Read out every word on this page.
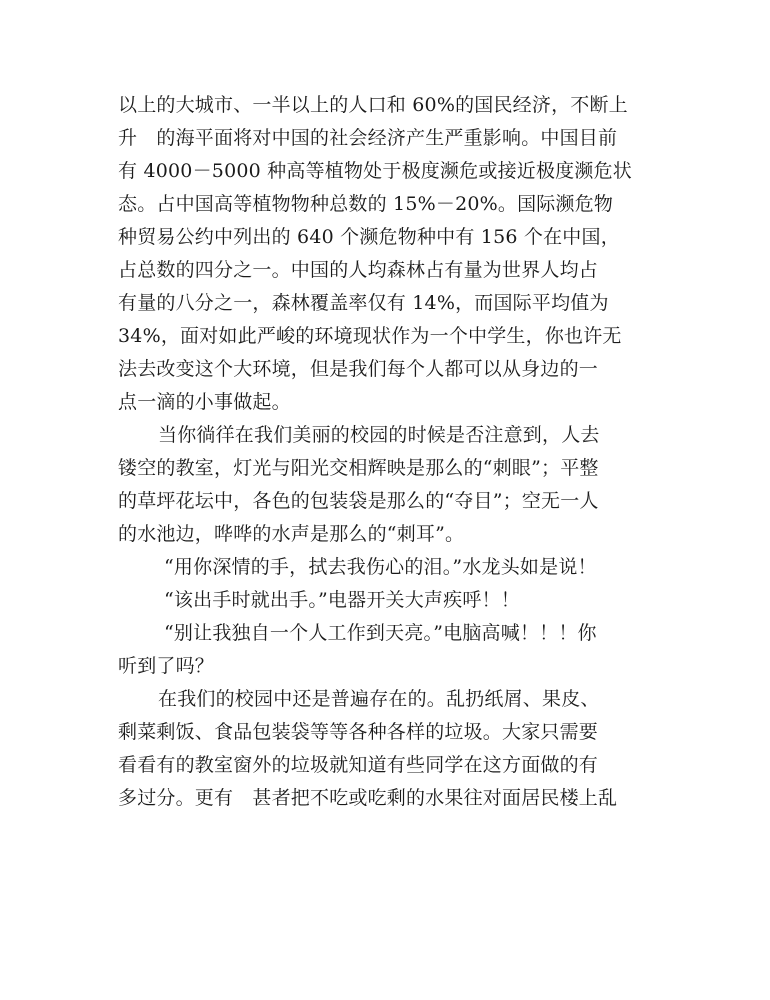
以上的大城市、一半以上的人口和 60%的国民经济，不断上
升　的海平面将对中国的社会经济产生严重影响。中国目前
有 4000－5000 种高等植物处于极度濒危或接近极度濒危状
态。占中国高等植物物种总数的 15%－20%。国际濒危物
种贸易公约中列出的 640 个濒危物种中有 156 个在中国，
占总数的四分之一。中国的人均森林占有量为世界人均占
有量的八分之一，森林覆盖率仅有 14%，而国际平均值为
34%，面对如此严峻的环境现状作为一个中学生，你也许无
法去改变这个大环境，但是我们每个人都可以从身边的一
点一滴的小事做起。
当你徜徉在我们美丽的校园的时候是否注意到，人去
镂空的教室，灯光与阳光交相辉映是那么的“刺眼”；平整
的草坪花坛中，各色的包装袋是那么的“夺目”；空无一人
的水池边，哗哗的水声是那么的“刺耳”。
“用你深情的手，拭去我伤心的泪。”水龙头如是说！
“该出手时就出手。”电器开关大声疾呼！！
“别让我独自一个人工作到天亮。”电脑高喊！！！你
听到了吗？
在我们的校园中还是普遍存在的。乱扔纸屑、果皮、
剩菜剩饭、食品包装袋等等各种各样的垃圾。大家只需要
看看有的教室窗外的垃圾就知道有些同学在这方面做的有
多过分。更有　甚者把不吃或吃剩的水果往对面居民楼上乱
